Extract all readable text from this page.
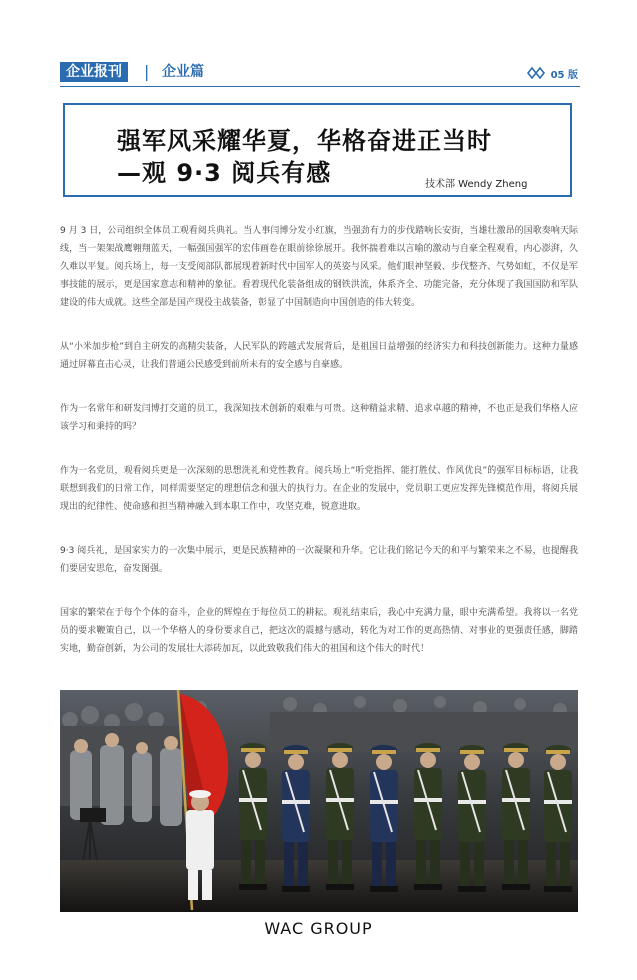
企业报刊	| 企业篇	05 版
强军风采耀华夏，华格奋进正当时
—观 9·3 阅兵有感	技术部 Wendy Zheng

9 月 3 日，公司组织全体员工观看阅兵典礼。当人事闫博分发小红旗，当强劲有力的步伐踏响长安街，当雄壮激昂的国歌奏响天际线，当一架架战鹰翱翔蓝天，一幅强国强军的宏伟画卷在眼前徐徐展开。我怀揣着难以言喻的激动与自豪全程观看，内心澎湃，久久难以平复。阅兵场上，每一支受阅部队都展现着新时代中国军人的英姿与风采。他们眼神坚毅、步伐整齐、气势如虹，不仅是军事技能的展示，更是国家意志和精神的象征。看着现代化装备组成的钢铁洪流，体系齐全、功能完备，充分体现了我国国防和军队建设的伟大成就。这些全部是国产现役主战装备，彰显了中国制造向中国创造的伟大转变。

从“小米加步枪”到自主研发的高精尖装备，人民军队的跨越式发展背后，是祖国日益增强的经济实力和科技创新能力。这种力量感通过屏幕直击心灵，让我们普通公民感受到前所未有的安全感与自豪感。

作为一名常年和研发闫博打交道的员工，我深知技术创新的艰难与可贵。这种精益求精、追求卓越的精神，不也正是我们华格人应该学习和秉持的吗？

作为一名党员，观看阅兵更是一次深刻的思想洗礼和党性教育。阅兵场上“听党指挥、能打胜仗、作风优良”的强军目标标语，让我联想到我们的日常工作，同样需要坚定的理想信念和强大的执行力。在企业的发展中，党员职工更应发挥先锋模范作用，将阅兵展现出的纪律性、使命感和担当精神融入到本职工作中，攻坚克难，锐意进取。

9·3 阅兵礼，是国家实力的一次集中展示，更是民族精神的一次凝聚和升华。它让我们铭记今天的和平与繁荣来之不易，也提醒我们要居安思危，奋发图强。

国家的繁荣在于每个个体的奋斗，企业的辉煌在于每位员工的耕耘。观礼结束后，我心中充满力量，眼中充满希望。我将以一名党员的要求鞭策自己，以一个华格人的身份要求自己，把这次的震撼与感动，转化为对工作的更高热情、对事业的更强责任感，脚踏实地，勤奋创新，为公司的发展壮大添砖加瓦，以此致敬我们伟大的祖国和这个伟大的时代！

WAC GROUP
